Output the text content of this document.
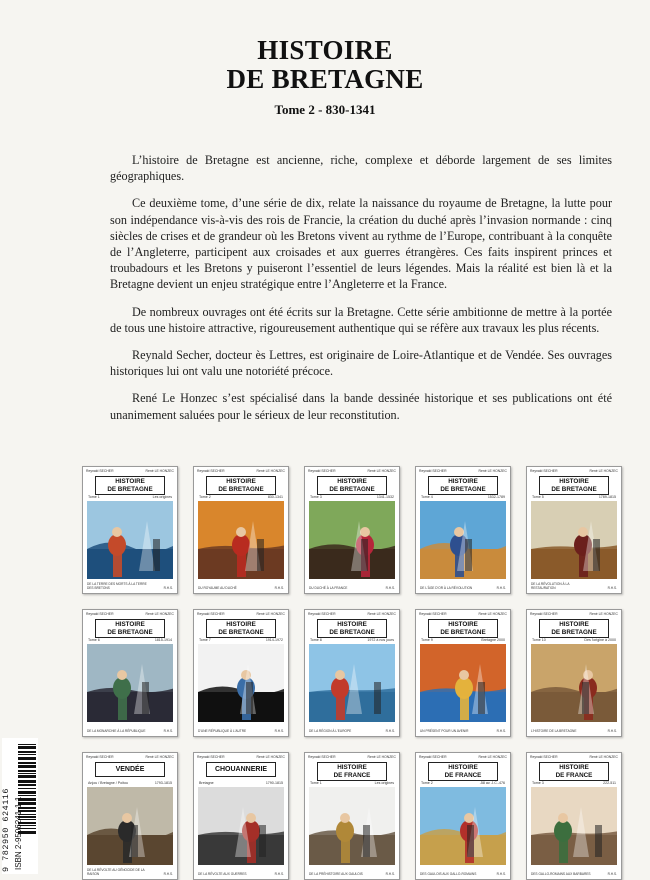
HISTOIRE
DE BRETAGNE
Tome 2 - 830-1341

L’histoire de Bretagne est ancienne, riche, complexe et déborde largement de ses limites géographiques.

Ce deuxième tome, d’une série de dix, relate la naissance du royaume de Bretagne, la lutte pour son indépendance vis-à-vis des rois de Francie, la création du duché après l’invasion normande : cinq siècles de crises et de grandeur où les Bretons vivent au rythme de l’Europe, contribuant à la conquête de l’Angleterre, participent aux croisades et aux guerres étrangères. Ces faits inspirent princes et troubadours et les Bretons y puiseront l’essentiel de leurs légendes. Mais la réalité est bien là et la Bretagne devient un enjeu stratégique entre l’Angleterre et la France.

De nombreux ouvrages ont été écrits sur la Bretagne. Cette série ambitionne de mettre à la portée de tous une histoire attractive, rigoureusement authentique qui se réfère aux travaux les plus récents.

Reynald Secher, docteur ès Lettres, est originaire de Loire-Atlantique et de Vendée. Ses ouvrages historiques lui ont valu une notoriété précoce.

René Le Honzec s’est spécialisé dans la bande dessinée historique et ses publications ont été unanimement saluées pour le sérieux de leur reconstitution.

Reynald SECHER	René LE HONZEC
HISTOIRE
DE BRETAGNE
Tome 1	Les origines
DE LA TERRE DES MORTS À LA TERRE DES BRETONS	R.H.S.
Reynald SECHER	René LE HONZEC
HISTOIRE
DE BRETAGNE
Tome 2	830-1341
DU ROYAUME AU DUCHÉ	R.H.S.
Reynald SECHER	René LE HONZEC
HISTOIRE
DE BRETAGNE
Tome 3	1341-1532
DU DUCHÉ À LA FRANCE	R.H.S.
Reynald SECHER	René LE HONZEC
HISTOIRE
DE BRETAGNE
Tome 4	1532-1789
DE L'ÂGE D'OR À LA RÉVOLUTION	R.H.S.
Reynald SECHER	René LE HONZEC
HISTOIRE
DE BRETAGNE
Tome 5	1789-1815
DE LA RÉVOLUTION À LA RESTAURATION	R.H.S.
Reynald SECHER	René LE HONZEC
HISTOIRE
DE BRETAGNE
Tome 6	1815-1914
DE LA MONARCHIE À LA RÉPUBLIQUE	R.H.S.
Reynald SECHER	René LE HONZEC
HISTOIRE
DE BRETAGNE
Tome 7	1914-1972
D'UNE RÉPUBLIQUE À L'AUTRE	R.H.S.
Reynald SECHER	René LE HONZEC
HISTOIRE
DE BRETAGNE
Tome 8	1972 à nos jours
DE LA RÉGION À L'EUROPE	R.H.S.
Reynald SECHER	René LE HONZEC
HISTOIRE
DE BRETAGNE
Tome 9	Bretagne 2000
UN PRÉSENT POUR UN AVENIR	R.H.S.
Reynald SECHER	René LE HONZEC
HISTOIRE
DE BRETAGNE
Tome 10	Des l'origine à 2000
L'HISTOIRE DE LA BRETAGNE	R.H.S.
Reynald SECHER	René LE HONZEC
VENDÉE
Anjou / Bretagne / Poitou	1793-1815
DE LA RÉVOLTE AU GÉNOCIDE DE LA RAISON	R.H.S.
Reynald SECHER	René LE HONZEC
CHOUANNERIE
Bretagne	1790-1815
DE LA RÉVOLTE AUX GUERRES	R.H.S.
Reynald SECHER	René LE HONZEC
HISTOIRE
DE FRANCE
Tome 1	Les origines
DE LA PRÉHISTOIRE AUX GAULOIS	R.H.S.
Reynald SECHER	René LE HONZEC
HISTOIRE
DE FRANCE
Tome 2	-58 av. J.C.-476
DES GAULOIS AUX GALLO-ROMAINS	R.H.S.
Reynald SECHER	René LE HONZEC
HISTOIRE
DE FRANCE
Tome 3	222-511
DES GALLO-ROMAINS AUX BARBARES	R.H.S.
9 782950 624116 ISBN 2-9506241-1-1
